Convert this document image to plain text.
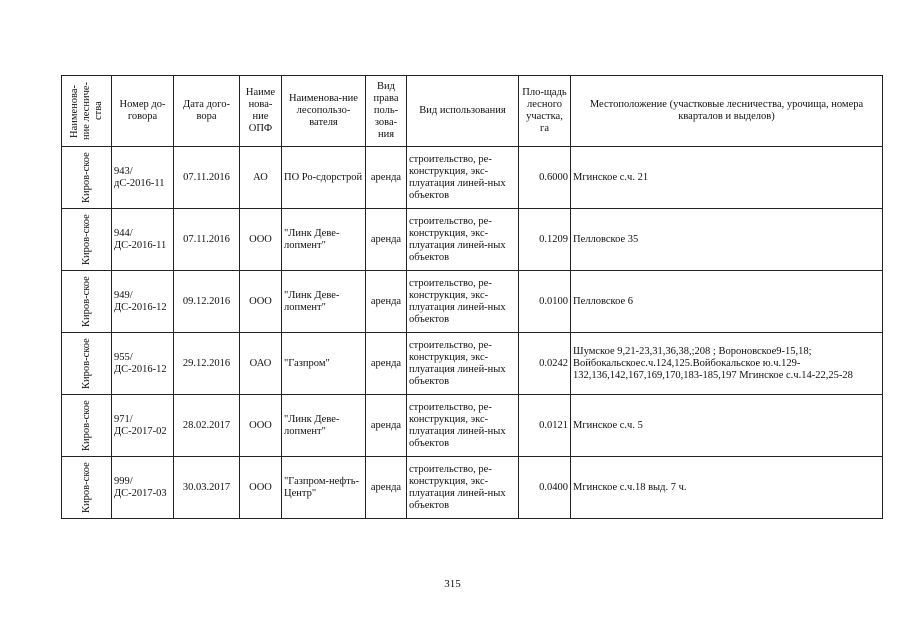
Наименова-ние лесниче-ства	Номер до-говора	Дата дого-вора	Наиме нова-ние ОПФ	Наименова-ние лесопользо-вателя	Вид права поль-зова-ния	Вид использования	Пло-щадь лесного участка, га	Местоположение (участковые лесничества, урочища, номера кварталов и выделов)

Киров-ское	943/дС-2016-11	07.11.2016	АО	ПО Ро-сдорстрой	аренда	строительство, ре-конструкция, экс-плуатация линей-ных объектов	0.6000	Мгинское с.ч. 21

Киров-ское	944/ДС-2016-11	07.11.2016	ООО	"Линк Деве-лопмент"	аренда	строительство, ре-конструкция, экс-плуатация линей-ных объектов	0.1209	Пелловское 35

Киров-ское	949/ДС-2016-12	09.12.2016	ООО	"Линк Деве-лопмент"	аренда	строительство, ре-конструкция, экс-плуатация линей-ных объектов	0.0100	Пелловское 6

Киров-ское	955/ДС-2016-12	29.12.2016	ОАО	"Газпром"	аренда	строительство, ре-конструкция, экс-плуатация линей-ных объектов	0.0242	Шумское 9,21-23,31,36,38,;208 ; Вороновское9-15,18; Войбокальскоес.ч.124,125.Войбокальское ю.ч.129-132,136,142,167,169,170,183-185,197 Мгинское с.ч.14-22,25-28

Киров-ское	971/ДС-2017-02	28.02.2017	ООО	"Линк Деве-лопмент"	аренда	строительство, ре-конструкция, экс-плуатация линей-ных объектов	0.0121	Мгинское с.ч. 5

Киров-ское	999/ДС-2017-03	30.03.2017	ООО	"Газпром-нефть-Центр"	аренда	строительство, ре-конструкция, экс-плуатация линей-ных объектов	0.0400	Мгинское с.ч.18 выд. 7 ч.
315
